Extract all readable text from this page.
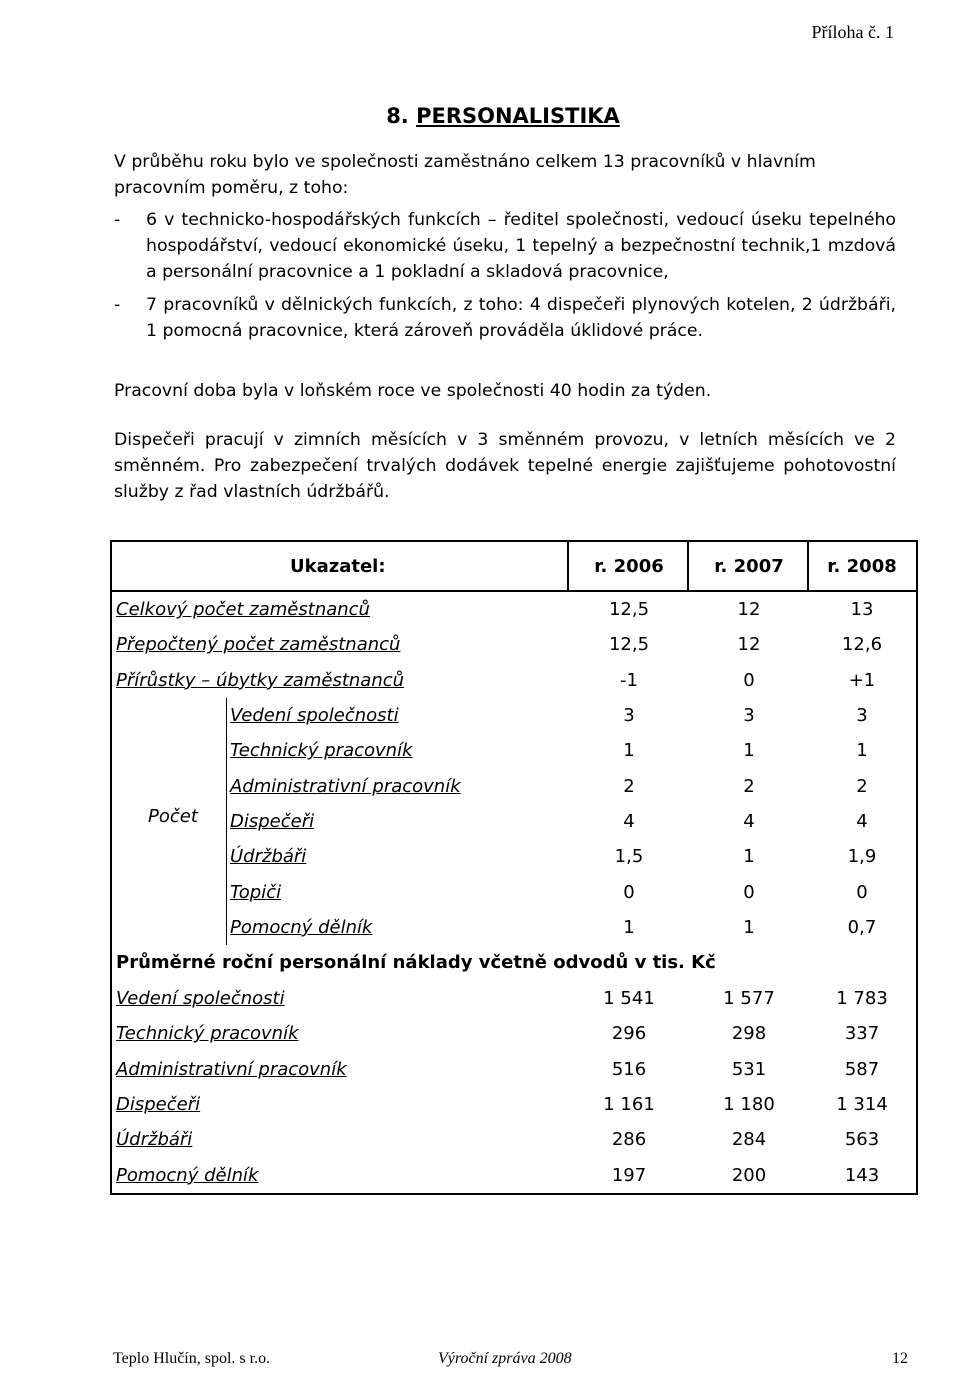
Příloha č. 1
8. PERSONALISTIKA
V průběhu roku bylo ve společnosti zaměstnáno celkem 13 pracovníků v hlavním pracovním poměru, z toho:
- 6 v technicko-hospodářských funkcích – ředitel společnosti, vedoucí úseku tepelného hospodářství, vedoucí ekonomické úseku, 1 tepelný a bezpečnostní technik,1 mzdová a personální pracovnice a 1 pokladní a skladová pracovnice,
- 7 pracovníků v dělnických funkcích, z toho: 4 dispečeři plynových kotelen, 2 údržbáři, 1 pomocná pracovnice, která zároveň prováděla úklidové práce.
Pracovní doba byla v loňském roce ve společnosti 40 hodin za týden.
Dispečeři pracují v zimních měsících v 3 směnném provozu, v letních měsících ve 2 směnném. Pro zabezpečení trvalých dodávek tepelné energie zajišťujeme pohotovostní služby z řad vlastních údržbářů.
Ukazatel:	r. 2006	r. 2007	r. 2008
Celkový počet zaměstnanců	12,5	12	13
Přepočtený počet zaměstnanců	12,5	12	12,6
Přírůstky – úbytky zaměstnanců	-1	0	+1
Počet
Vedení společnosti	3	3	3
Technický pracovník	1	1	1
Administrativní pracovník	2	2	2
Dispečeři	4	4	4
Údržbáři	1,5	1	1,9
Topiči	0	0	0
Pomocný dělník	1	1	0,7
Průměrné roční personální náklady včetně odvodů v tis. Kč
Vedení společnosti	1 541	1 577	1 783
Technický pracovník	296	298	337
Administrativní pracovník	516	531	587
Dispečeři	1 161	1 180	1 314
Údržbáři	286	284	563
Pomocný dělník	197	200	143
Teplo Hlučín, spol. s r.o.	Výroční zpráva 2008	12
